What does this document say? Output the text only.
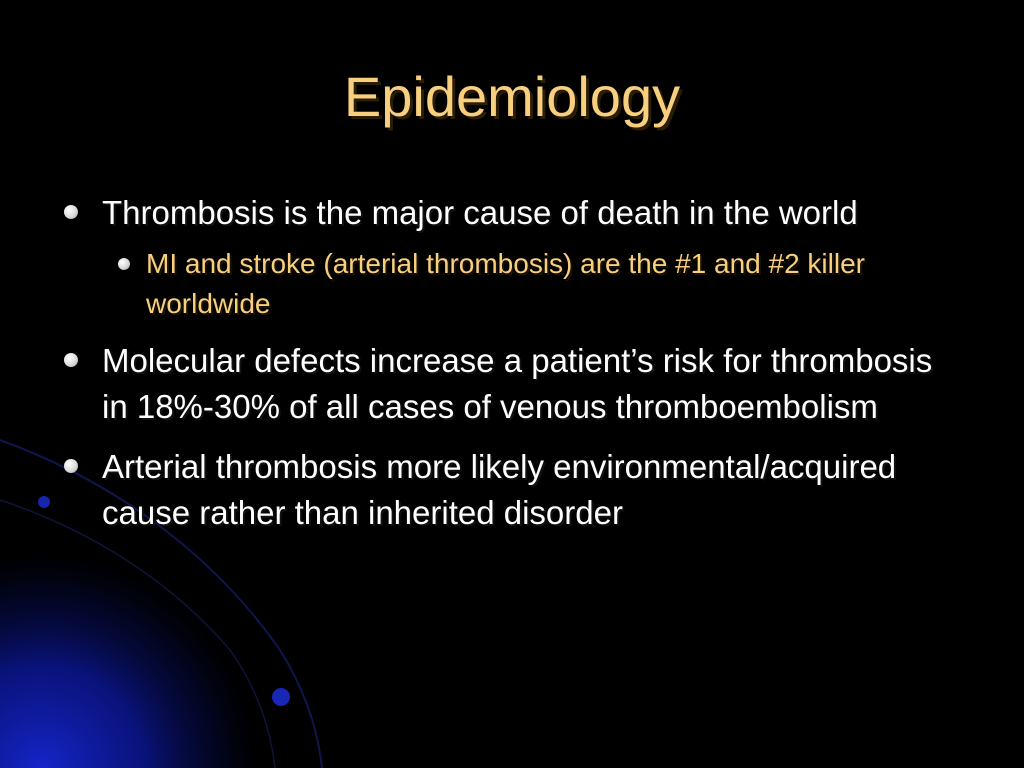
Epidemiology
Thrombosis is the major cause of death in the world
MI and stroke (arterial thrombosis) are the #1 and #2 killer worldwide
Molecular defects increase a patient’s risk for thrombosis in 18%-30% of all cases of venous thromboembolism
Arterial thrombosis more likely environmental/acquired cause rather than inherited disorder
